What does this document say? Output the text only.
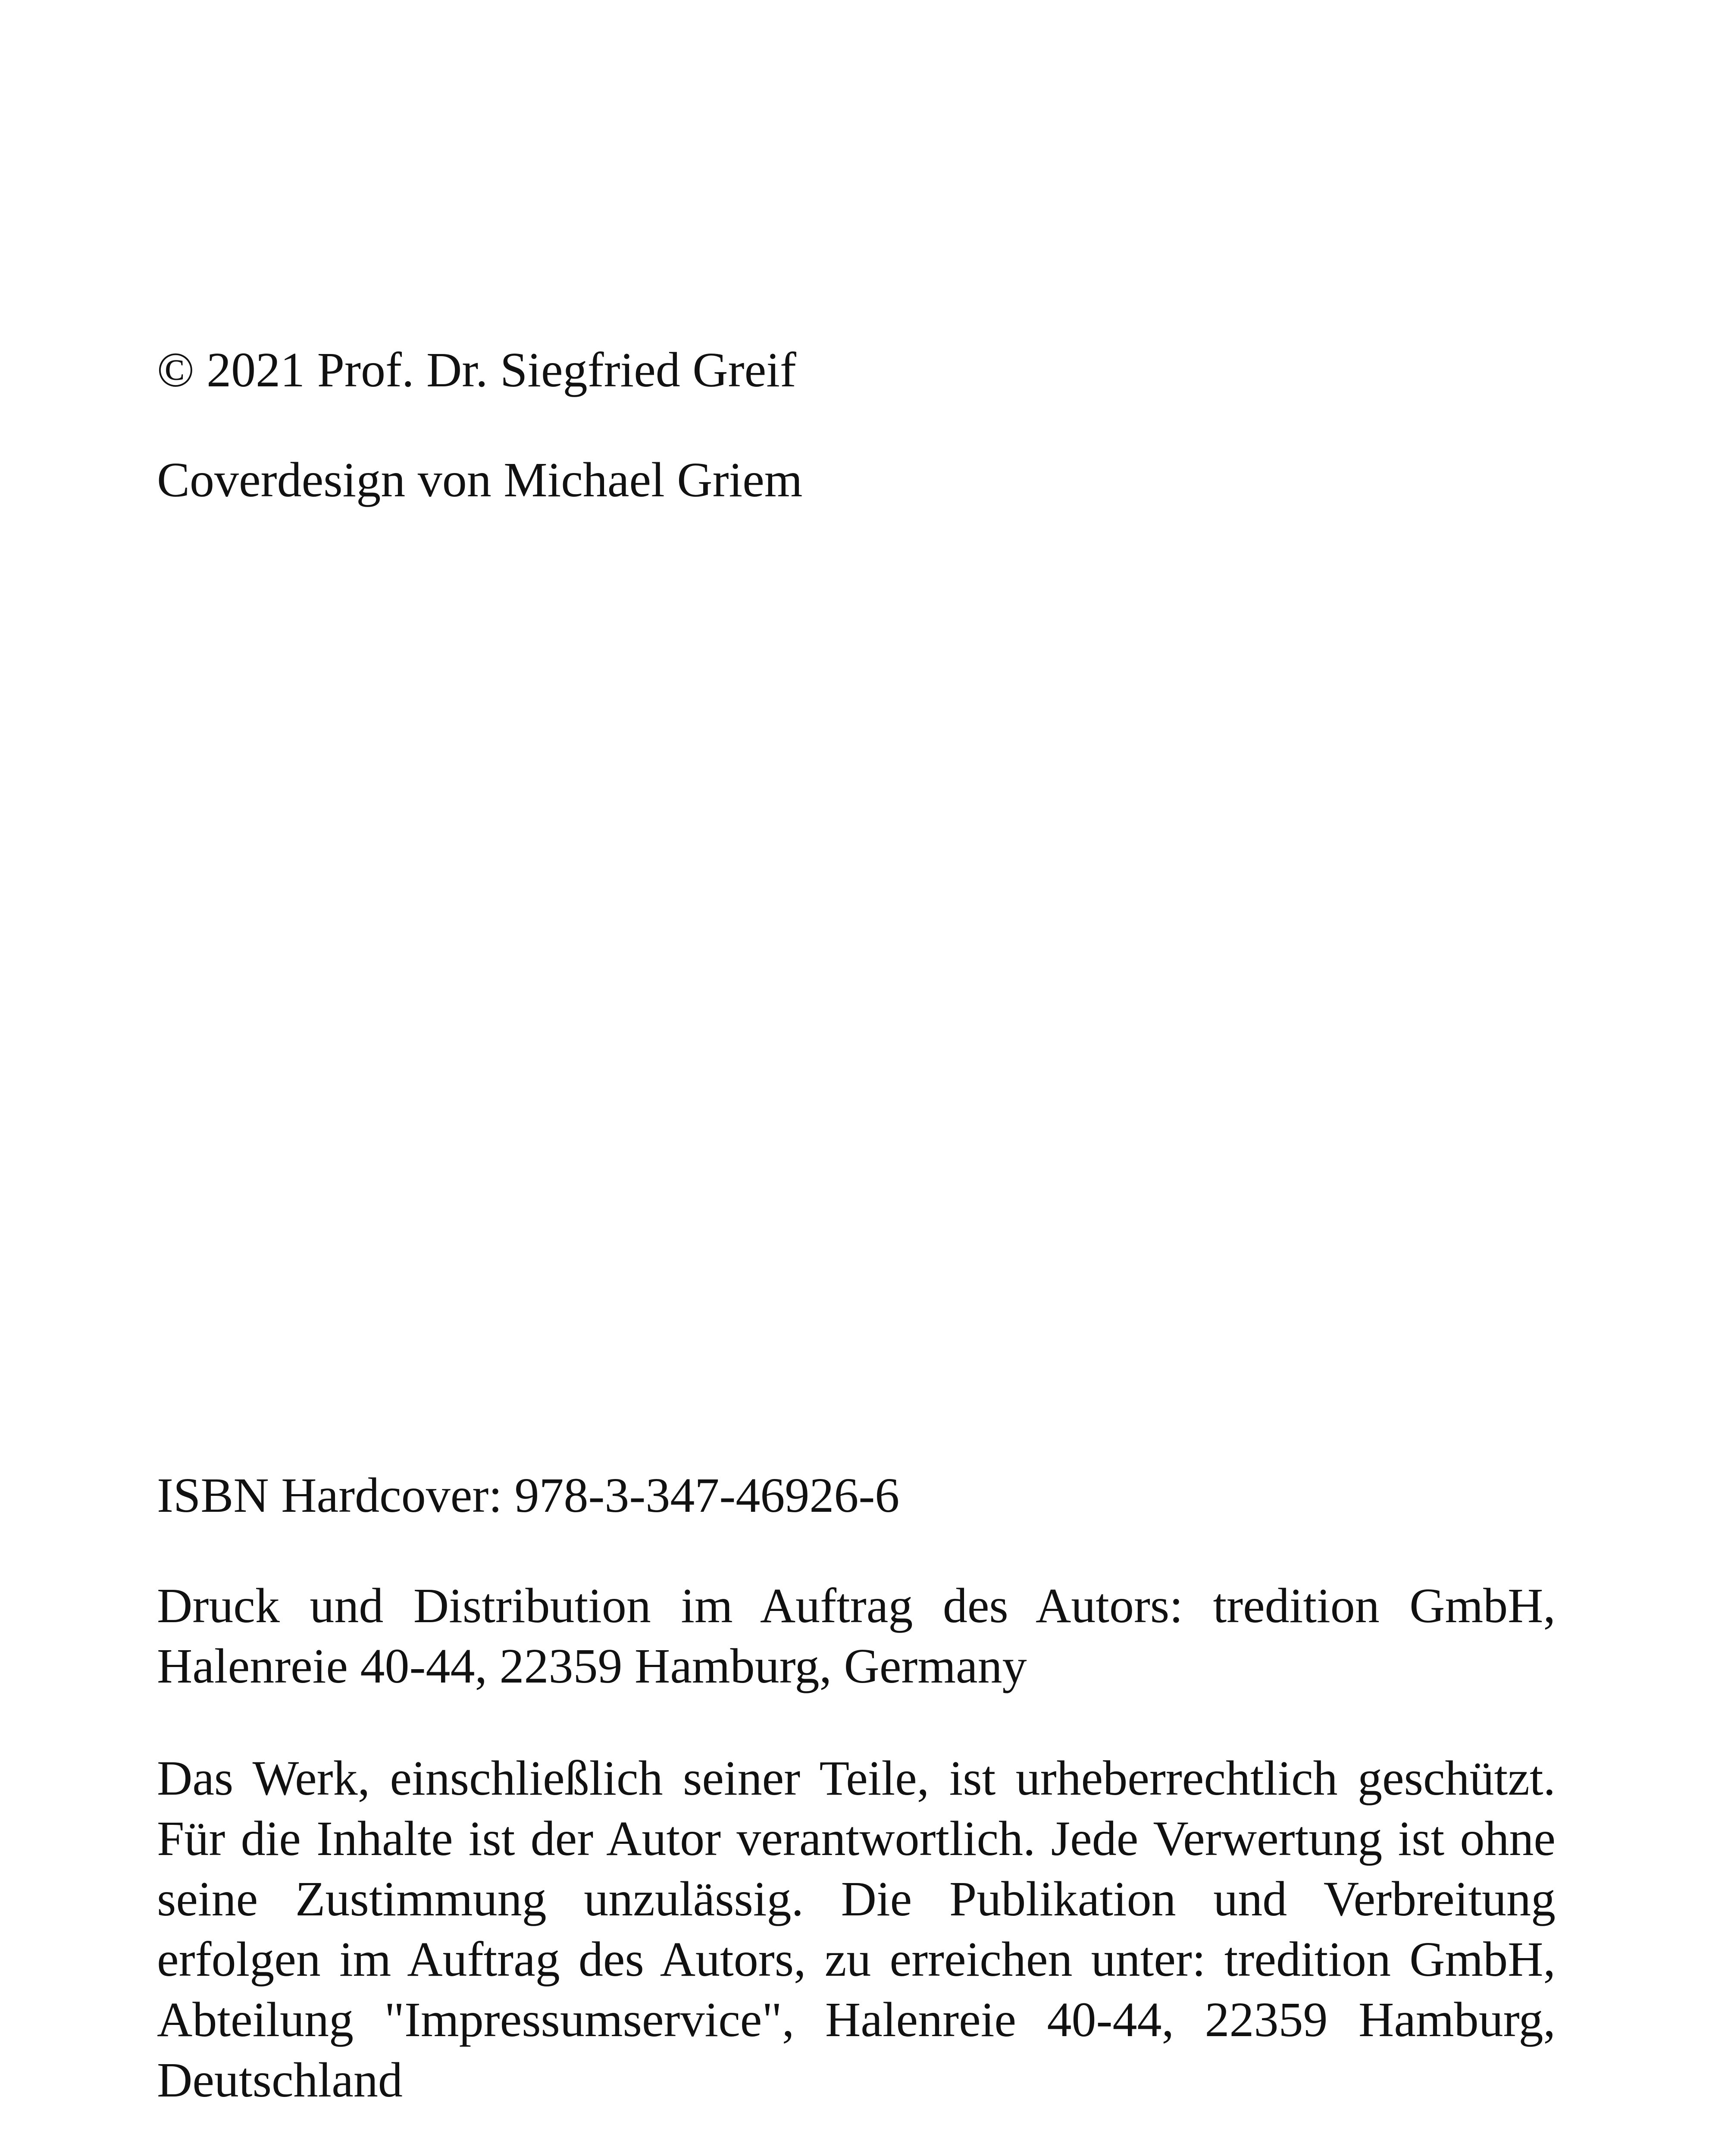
© 2021 Prof. Dr. Siegfried Greif

Coverdesign von Michael Griem

ISBN Hardcover: 978-3-347-46926-6

Druck und Distribution im Auftrag des Autors: tredition GmbH, Halenreie 40-44, 22359 Hamburg, Germany

Das Werk, einschließlich seiner Teile, ist urheberrechtlich geschützt. Für die Inhalte ist der Autor verantwortlich. Jede Verwertung ist ohne seine Zustimmung unzulässig. Die Publikation und Verbreitung erfolgen im Auftrag des Autors, zu erreichen unter: tredition GmbH, Abteilung "Impressumservice", Halenreie 40-44, 22359 Hamburg, Deutschland
